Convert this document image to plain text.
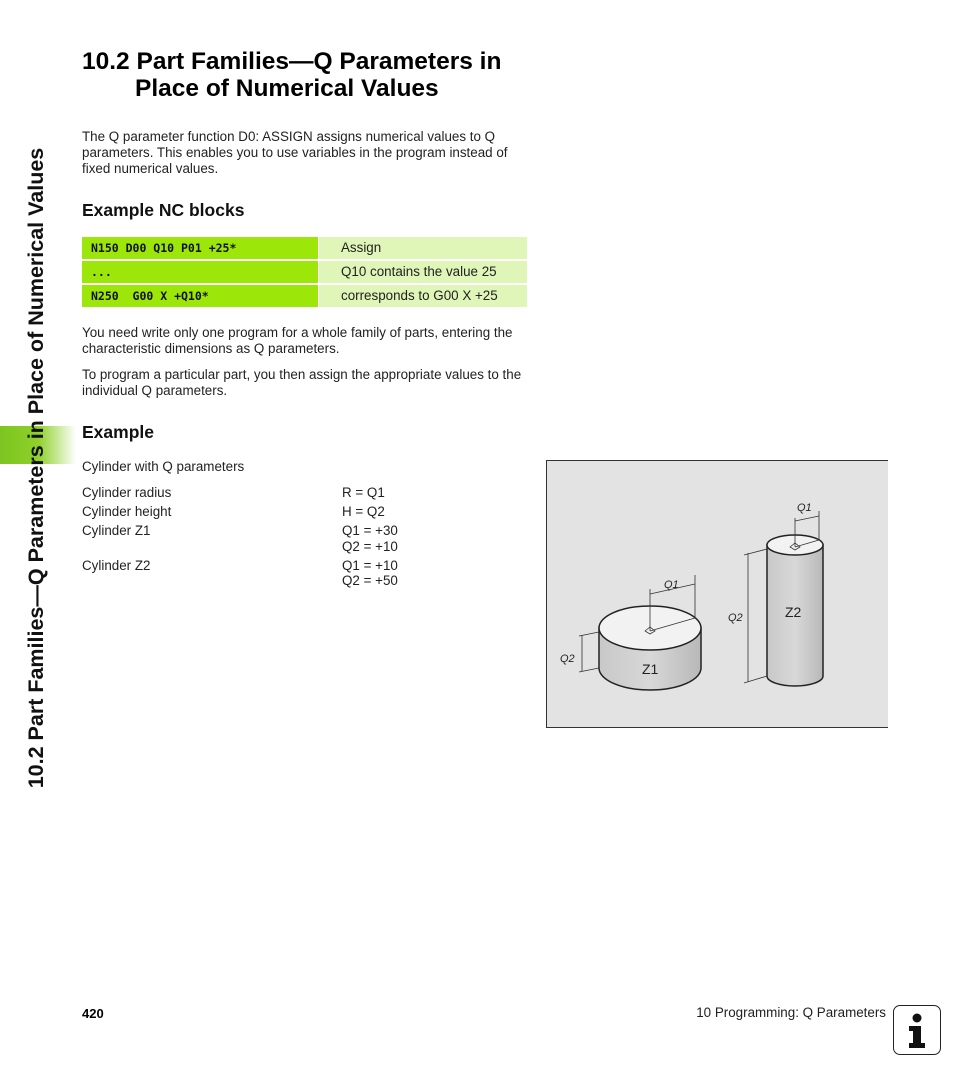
10.2 Part Families—Q Parameters in Place of Numerical Values
10.2 Part Families—Q Parameters in
Place of Numerical Values
The Q parameter function D0: ASSIGN assigns numerical values to Q parameters. This enables you to use variables in the program instead of fixed numerical values.
Example NC blocks
N150 D00 Q10 P01 +25*	Assign
...	Q10 contains the value 25
N250  G00 X +Q10*	corresponds to G00 X +25
You need write only one program for a whole family of parts, entering the characteristic dimensions as Q parameters.
To program a particular part, you then assign the appropriate values to the individual Q parameters.
Example
Cylinder with Q parameters
Cylinder radius	R = Q1
Cylinder height	H = Q2
Cylinder Z1	Q1 = +30
Q2 = +10
Cylinder Z2	Q1 = +10
Q2 = +50
Z1
Q1
Q2
Z2
Q1
Q2
420	10 Programming: Q Parameters
